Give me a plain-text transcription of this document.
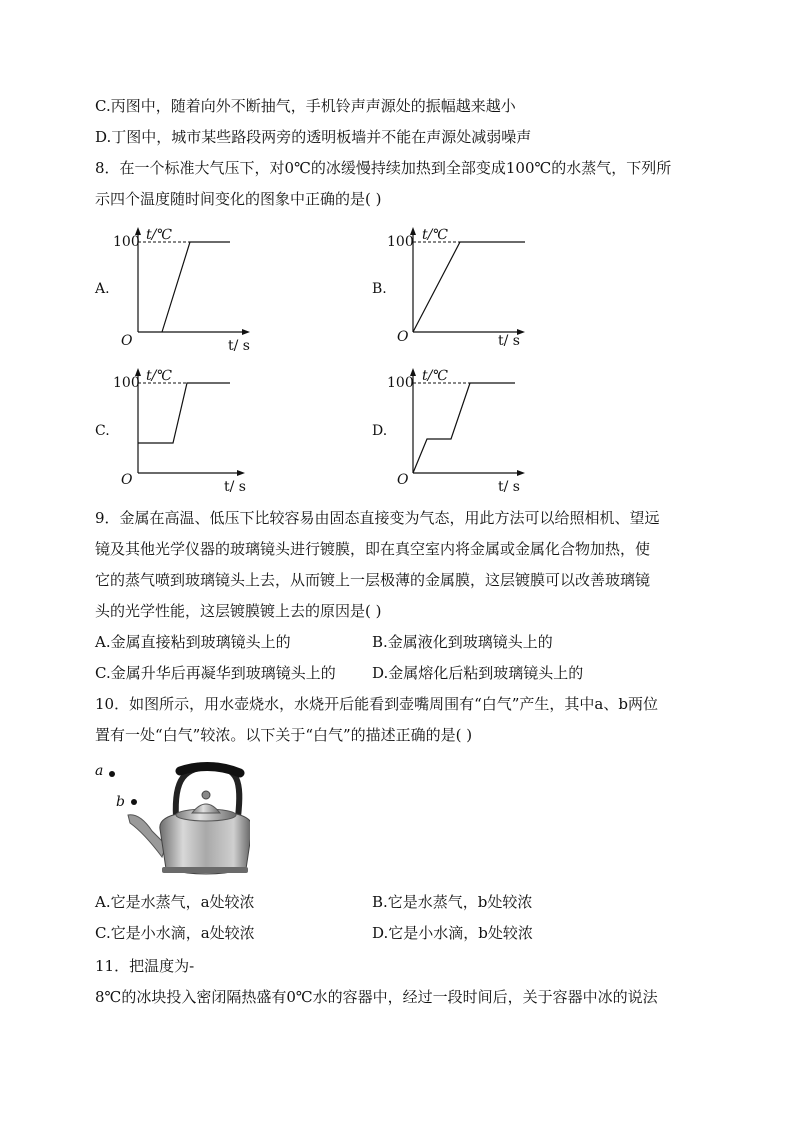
C.丙图中，随着向外不断抽气，手机铃声声源处的振幅越来越小
D.丁图中，城市某些路段两旁的透明板墙并不能在声源处减弱噪声
8．在一个标准大气压下，对0℃的冰缓慢持续加热到全部变成100℃的水蒸气，下列所
示四个温度随时间变化的图象中正确的是( )
A.
100 t/℃
O	t/ s
B.
100 t/℃
O	t/ s
C.
100 t/℃
O	t/ s
D.
100 t/℃
O	t/ s
9．金属在高温、低压下比较容易由固态直接变为气态，用此方法可以给照相机、望远
镜及其他光学仪器的玻璃镜头进行镀膜，即在真空室内将金属或金属化合物加热，使
它的蒸气喷到玻璃镜头上去，从而镀上一层极薄的金属膜，这层镀膜可以改善玻璃镜
头的光学性能，这层镀膜镀上去的原因是( )
A.金属直接粘到玻璃镜头上的	B.金属液化到玻璃镜头上的
C.金属升华后再凝华到玻璃镜头上的 D.金属熔化后粘到玻璃镜头上的
10．如图所示，用水壶烧水，水烧开后能看到壶嘴周围有“白气”产生，其中a、b两位
置有一处“白气”较浓。以下关于“白气”的描述正确的是( )
a
b
A.它是水蒸气，a处较浓	B.它是水蒸气，b处较浓
C.它是小水滴，a处较浓	D.它是小水滴，b处较浓
11．把温度为-
8℃的冰块投入密闭隔热盛有0℃水的容器中，经过一段时间后，关于容器中冰的说法
